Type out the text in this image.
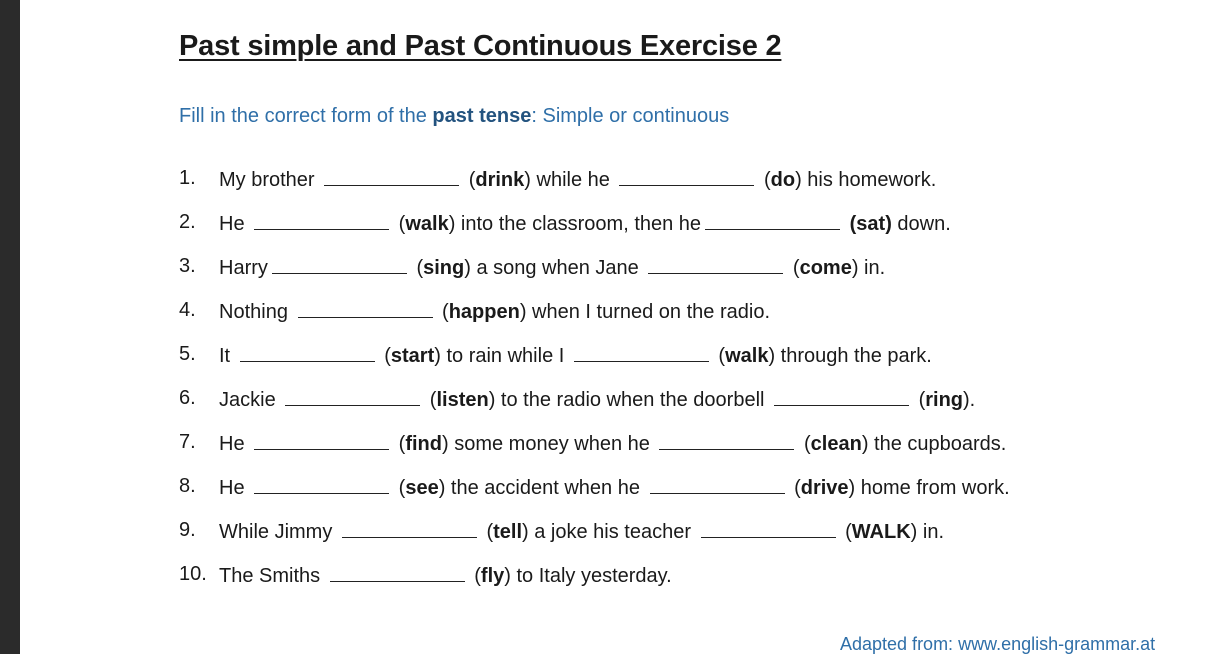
Past simple and Past Continuous Exercise 2
Fill in the correct form of the past tense: Simple or continuous
1.	My brother	(drink) while he	(do) his homework.
2.	He	(walk) into the classroom, then he	(sat) down.
3.	Harry	(sing) a song when Jane	(come) in.
4.	Nothing	(happen) when I turned on the radio.
5.	It	(start) to rain while I	(walk) through the park.
6.	Jackie	(listen) to the radio when the doorbell	(ring).
7.	He	(find) some money when he	(clean) the cupboards.
8.	He	(see) the accident when he	(drive) home from work.
9.	While Jimmy	(tell) a joke his teacher	(WALK) in.
10. The Smiths	(fly) to Italy yesterday.
Adapted from: www.english-grammar.at
